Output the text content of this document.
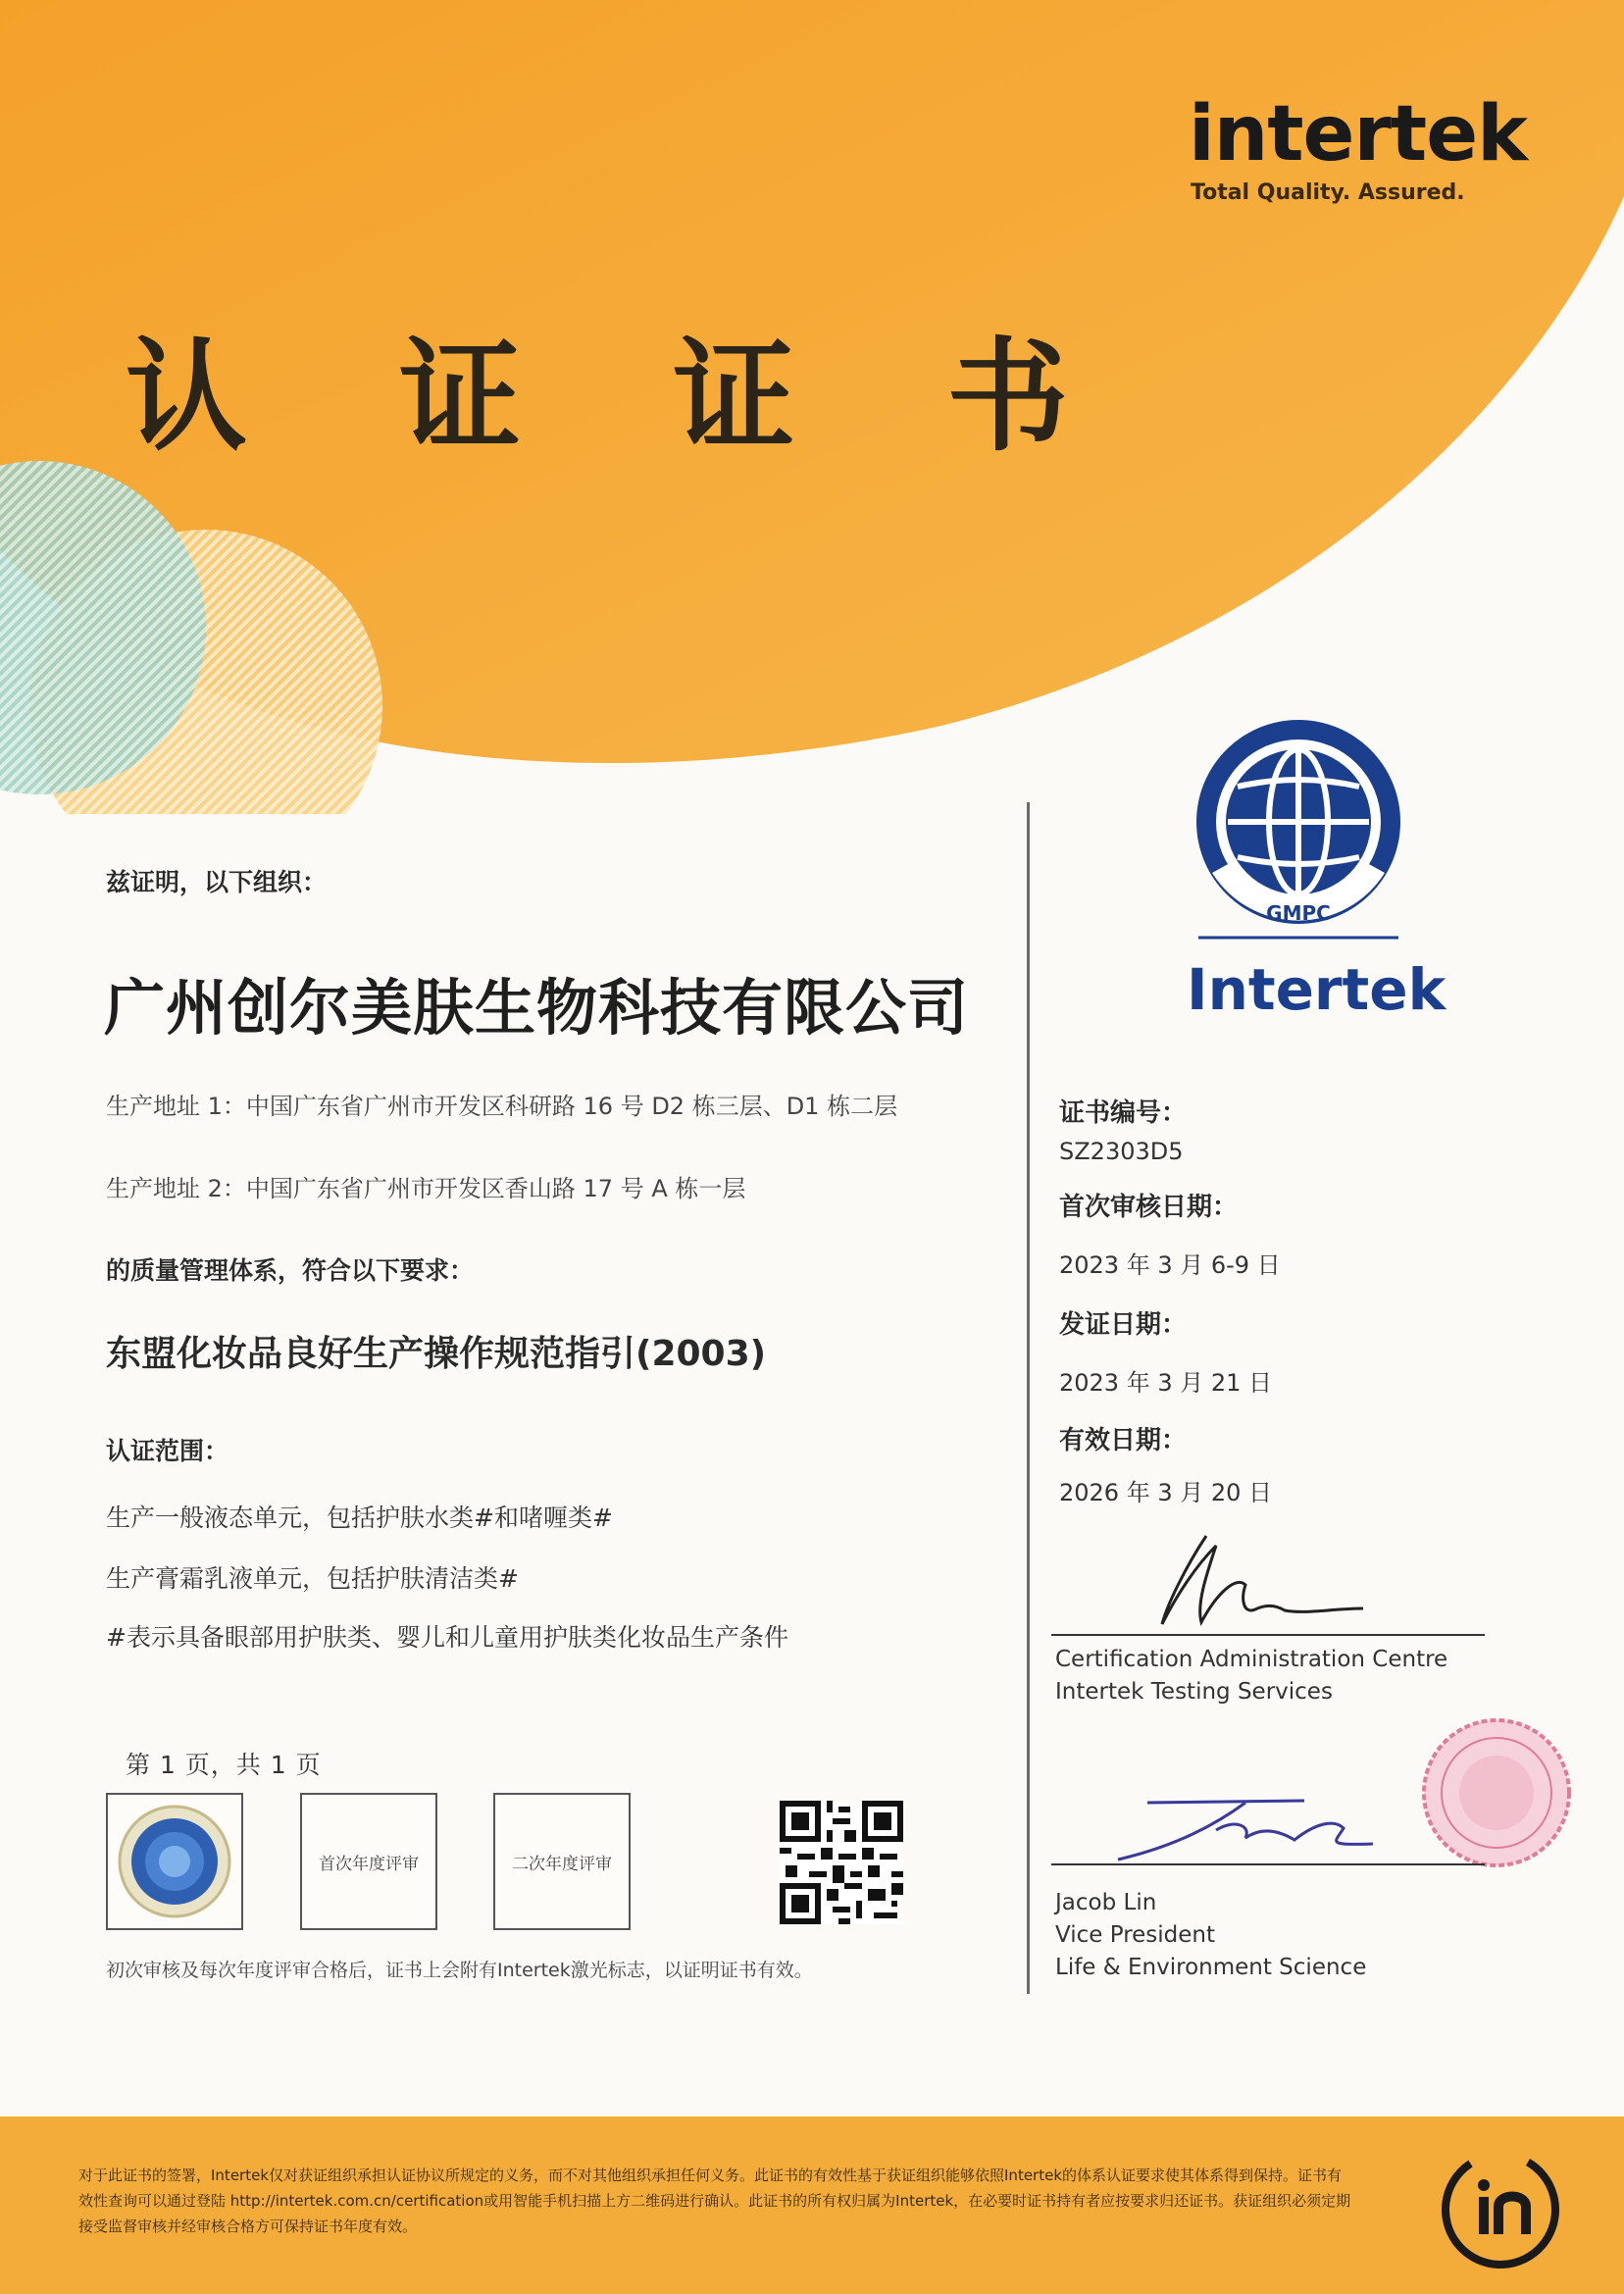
intertek
Total Quality. Assured.
认 证 证 书
兹证明，以下组织：
广州创尔美肤生物科技有限公司
生产地址 1：中国广东省广州市开发区科研路 16 号 D2 栋三层、D1 栋二层
生产地址 2：中国广东省广州市开发区香山路 17 号 A 栋一层
的质量管理体系，符合以下要求：
东盟化妆品良好生产操作规范指引(2003)
认证范围：
生产一般液态单元，包括护肤水类#和啫喱类#
生产膏霜乳液单元，包括护肤清洁类#
#表示具备眼部用护肤类、婴儿和儿童用护肤类化妆品生产条件
第 1 页，共 1 页
首次年度评审	二次年度评审
初次审核及每次年度评审合格后，证书上会附有Intertek激光标志，以证明证书有效。
GMPC
Intertek
证书编号：
SZ2303D5
首次审核日期：
2023 年 3 月 6-9 日
发证日期：
2023 年 3 月 21 日
有效日期：
2026 年 3 月 20 日
Certification Administration Centre
Intertek Testing Services
Jacob Lin
Vice President
Life & Environment Science
对于此证书的签署，Intertek仅对获证组织承担认证协议所规定的义务，而不对其他组织承担任何义务。此证书的有效性基于获证组织能够依照Intertek的体系认证要求使其体系得到保持。证书有效性查询可以通过登陆 http://intertek.com.cn/certification或用智能手机扫描上方二维码进行确认。此证书的所有权归属为Intertek，在必要时证书持有者应按要求归还证书。获证组织必须定期接受监督审核并经审核合格方可保持证书年度有效。
